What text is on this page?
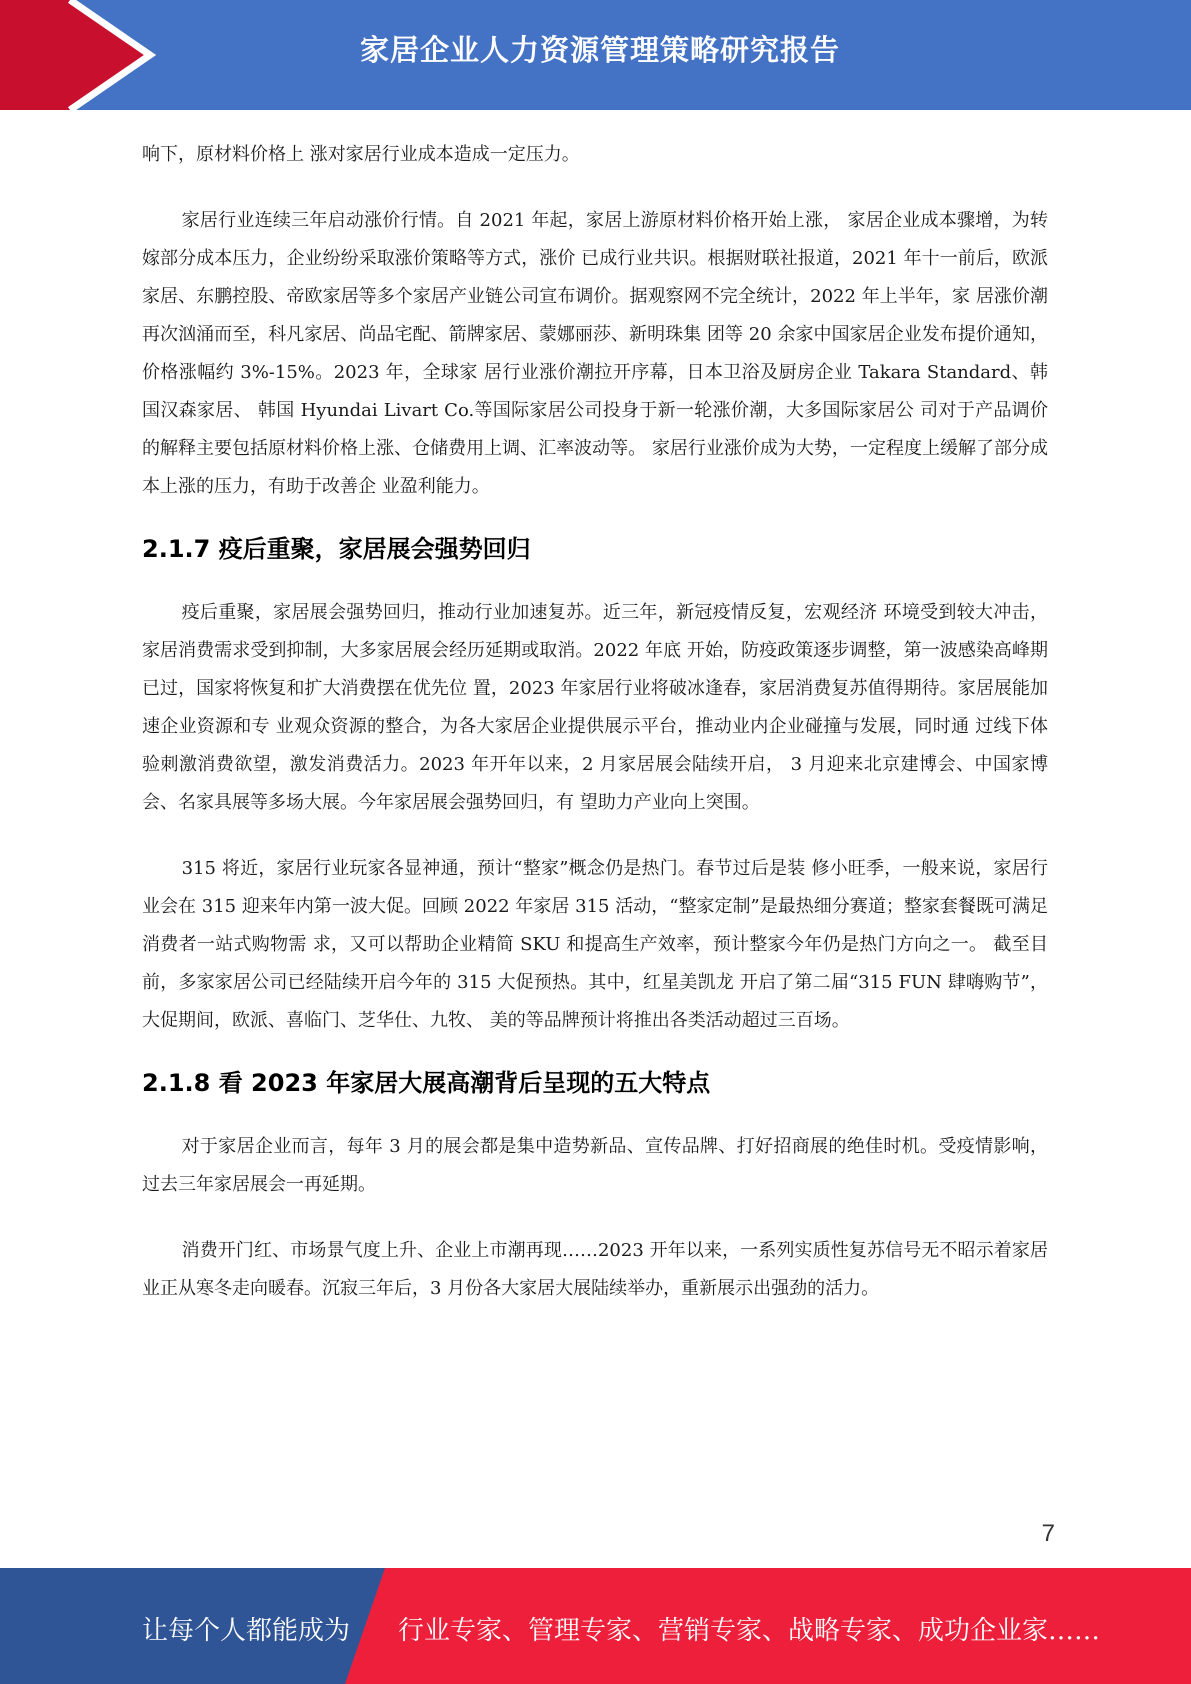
家居企业人力资源管理策略研究报告

响下，原材料价格上 涨对家居行业成本造成一定压力。

家居行业连续三年启动涨价行情。自 2021 年起，家居上游原材料价格开始上涨， 家居企业成本骤增，为转嫁部分成本压力，企业纷纷采取涨价策略等方式，涨价 已成行业共识。根据财联社报道，2021 年十一前后，欧派家居、东鹏控股、帝欧家居等多个家居产业链公司宣布调价。据观察网不完全统计，2022 年上半年，家 居涨价潮再次汹涌而至，科凡家居、尚品宅配、箭牌家居、蒙娜丽莎、新明珠集 团等 20 余家中国家居企业发布提价通知，价格涨幅约 3%-15%。2023 年，全球家 居行业涨价潮拉开序幕，日本卫浴及厨房企业 Takara Standard、韩国汉森家居、 韩国 Hyundai Livart Co.等国际家居公司投身于新一轮涨价潮，大多国际家居公 司对于产品调价的解释主要包括原材料价格上涨、仓储费用上调、汇率波动等。 家居行业涨价成为大势，一定程度上缓解了部分成本上涨的压力，有助于改善企 业盈利能力。

2.1.7 疫后重聚，家居展会强势回归

疫后重聚，家居展会强势回归，推动行业加速复苏。近三年，新冠疫情反复，宏观经济 环境受到较大冲击，家居消费需求受到抑制，大多家居展会经历延期或取消。2022 年底 开始，防疫政策逐步调整，第一波感染高峰期已过，国家将恢复和扩大消费摆在优先位 置，2023 年家居行业将破冰逢春，家居消费复苏值得期待。家居展能加速企业资源和专 业观众资源的整合，为各大家居企业提供展示平台，推动业内企业碰撞与发展，同时通 过线下体验刺激消费欲望，激发消费活力。2023 年开年以来，2 月家居展会陆续开启， 3 月迎来北京建博会、中国家博会、名家具展等多场大展。今年家居展会强势回归，有 望助力产业向上突围。

315 将近，家居行业玩家各显神通，预计“整家”概念仍是热门。春节过后是装 修小旺季，一般来说，家居行业会在 315 迎来年内第一波大促。回顾 2022 年家居 315 活动，“整家定制”是最热细分赛道；整家套餐既可满足消费者一站式购物需 求，又可以帮助企业精简 SKU 和提高生产效率，预计整家今年仍是热门方向之一。 截至目前，多家家居公司已经陆续开启今年的 315 大促预热。其中，红星美凯龙 开启了第二届“315 FUN 肆嗨购节”，大促期间，欧派、喜临门、芝华仕、九牧、 美的等品牌预计将推出各类活动超过三百场。

2.1.8 看 2023 年家居大展高潮背后呈现的五大特点

对于家居企业而言，每年 3 月的展会都是集中造势新品、宣传品牌、打好招商展的绝佳时机。受疫情影响，过去三年家居展会一再延期。

消费开门红、市场景气度上升、企业上市潮再现……2023 开年以来，一系列实质性复苏信号无不昭示着家居业正从寒冬走向暖春。沉寂三年后，3 月份各大家居大展陆续举办，重新展示出强劲的活力。

7
让每个人都能成为 行业专家、管理专家、营销专家、战略专家、成功企业家……
